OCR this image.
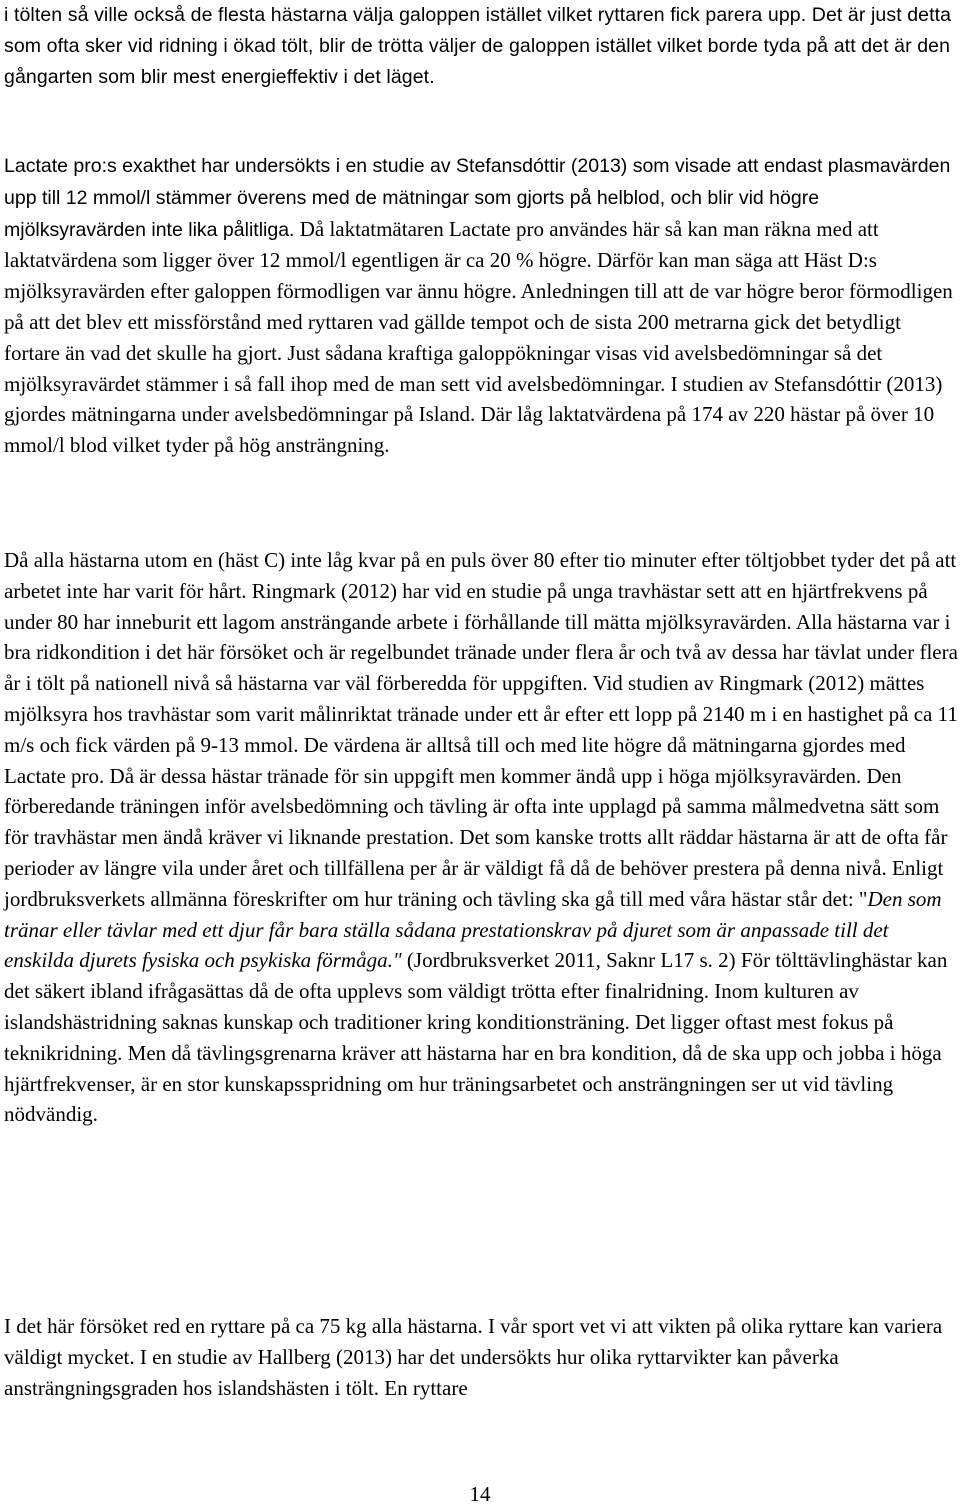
i tölten så ville också de flesta hästarna välja galoppen istället vilket ryttaren fick parera upp. Det är just detta som ofta sker vid ridning i ökad tölt, blir de trötta väljer de galoppen istället vilket borde tyda på att det är den gångarten som blir mest energieffektiv i det läget.

Lactate pro:s exakthet har undersökts i en studie av Stefansdóttir (2013) som visade att endast plasmavärden upp till 12 mmol/l stämmer överens med de mätningar som gjorts på helblod, och blir vid högre mjölksyravärden inte lika pålitliga. Då laktatmätaren Lactate pro användes här så kan man räkna med att laktatvärdena som ligger över 12 mmol/l egentligen är ca 20 % högre. Därför kan man säga att Häst D:s mjölksyravärden efter galoppen förmodligen var ännu högre. Anledningen till att de var högre beror förmodligen på att det blev ett missförstånd med ryttaren vad gällde tempot och de sista 200 metrarna gick det betydligt fortare än vad det skulle ha gjort. Just sådana kraftiga galoppökningar visas vid avelsbedömningar så det mjölksyravärdet stämmer i så fall ihop med de man sett vid avelsbedömningar. I studien av Stefansdóttir (2013) gjordes mätningarna under avelsbedömningar på Island. Där låg laktatvärdena på 174 av 220 hästar på över 10 mmol/l blod vilket tyder på hög ansträngning.

Då alla hästarna utom en (häst C) inte låg kvar på en puls över 80 efter tio minuter efter töltjobbet tyder det på att arbetet inte har varit för hårt. Ringmark (2012) har vid en studie på unga travhästar sett att en hjärtfrekvens på under 80 har inneburit ett lagom ansträngande arbete i förhållande till mätta mjölksyravärden. Alla hästarna var i bra ridkondition i det här försöket och är regelbundet tränade under flera år och två av dessa har tävlat under flera år i tölt på nationell nivå så hästarna var väl förberedda för uppgiften. Vid studien av Ringmark (2012) mättes mjölksyra hos travhästar som varit målinriktat tränade under ett år efter ett lopp på 2140 m i en hastighet på ca 11 m/s och fick värden på 9-13 mmol. De värdena är alltså till och med lite högre då mätningarna gjordes med Lactate pro. Då är dessa hästar tränade för sin uppgift men kommer ändå upp i höga mjölksyravärden. Den förberedande träningen inför avelsbedömning och tävling är ofta inte upplagd på samma målmedvetna sätt som för travhästar men ändå kräver vi liknande prestation. Det som kanske trotts allt räddar hästarna är att de ofta får perioder av längre vila under året och tillfällena per år är väldigt få då de behöver prestera på denna nivå. Enligt jordbruksverkets allmänna föreskrifter om hur träning och tävling ska gå till med våra hästar står det: "Den som tränar eller tävlar med ett djur får bara ställa sådana prestationskrav på djuret som är anpassade till det enskilda djurets fysiska och psykiska förmåga." (Jordbruksverket 2011, Saknr L17 s. 2) För tölttävlinghästar kan det säkert ibland ifrågasättas då de ofta upplevs som väldigt trötta efter finalridning. Inom kulturen av islandshästridning saknas kunskap och traditioner kring konditionsträning. Det ligger oftast mest fokus på teknikridning. Men då tävlingsgrenarna kräver att hästarna har en bra kondition, då de ska upp och jobba i höga hjärtfrekvenser, är en stor kunskapsspridning om hur träningsarbetet och ansträngningen ser ut vid tävling nödvändig.

I det här försöket red en ryttare på ca 75 kg alla hästarna. I vår sport vet vi att vikten på olika ryttare kan variera väldigt mycket. I en studie av Hallberg (2013) har det undersökts hur olika ryttarvikter kan påverka ansträngningsgraden hos islandshästen i tölt. En ryttare

14
